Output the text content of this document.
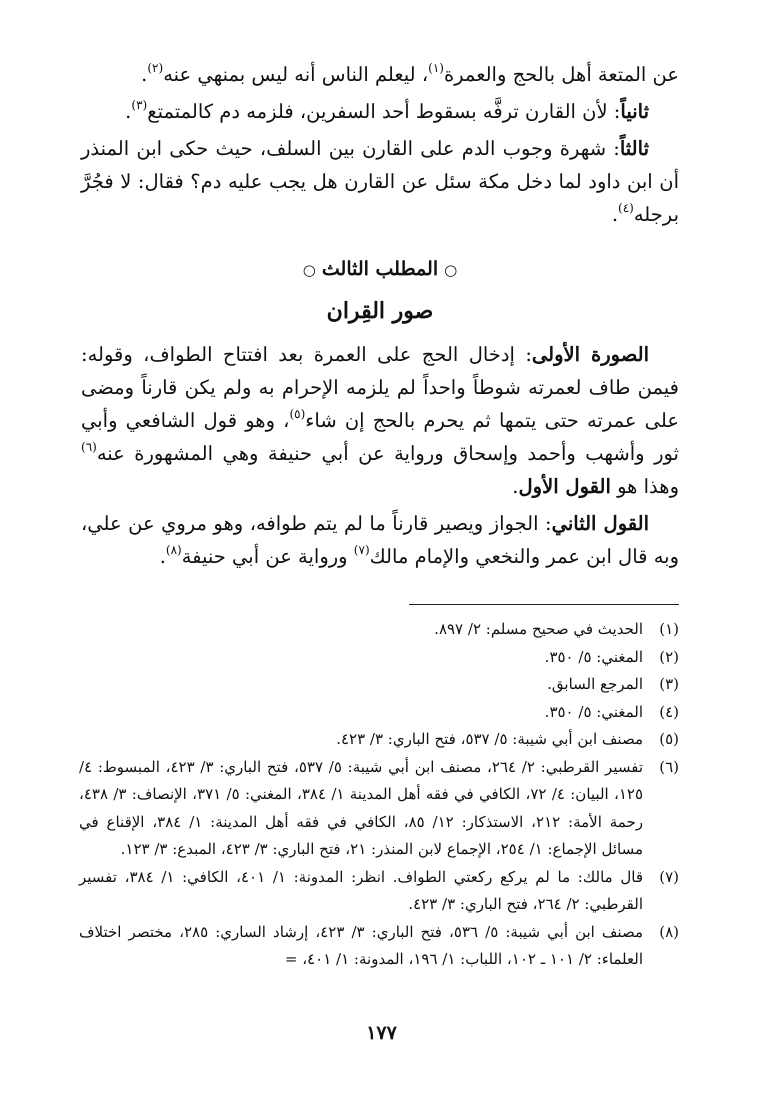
عن المتعة أهل بالحج والعمرة$^{(١)}$، ليعلم الناس أنه ليس بمنهي عنه$^{(٢)}$.

ثانياً: لأن القارن ترفَّه بسقوط أحد السفرين، فلزمه دم كالمتمتع$^{(٣)}$.

ثالثاً: شهرة وجوب الدم على القارن بين السلف، حيث حكى ابن المنذر أن ابن داود لما دخل مكة سئل عن القارن هل يجب عليه دم؟ فقال: لا فجُرَّ برجله$^{(٤)}$.

○المطلب الثالث○
صور القِران

الصورة الأولى: إدخال الحج على العمرة بعد افتتاح الطواف، وقوله: فيمن طاف لعمرته شوطاً واحداً لم يلزمه الإحرام به ولم يكن قارناً ومضى على عمرته حتى يتمها ثم يحرم بالحج إن شاء$^{(٥)}$، وهو قول الشافعي وأبي ثور وأشهب وأحمد وإسحاق ورواية عن أبي حنيفة وهي المشهورة عنه$^{(٦)}$ وهذا هو القول الأول.

القول الثاني: الجواز ويصير قارناً ما لم يتم طوافه، وهو مروي عن علي، وبه قال ابن عمر والنخعي والإمام مالك$^{(٧)}$ ورواية عن أبي حنيفة$^{(٨)}$.

(١)
الحديث في صحيح مسلم: ٢/ ٨٩٧.
(٢)
المغني: ٥/ ٣٥٠.
(٣)
المرجع السابق.
(٤)
المغني: ٥/ ٣٥٠.
(٥)
مصنف ابن أبي شيبة: ٥/ ٥٣٧، فتح الباري: ٣/ ٤٢٣.
(٦)
تفسير القرطبي: ٢/ ٢٦٤، مصنف ابن أبي شيبة: ٥/ ٥٣٧، فتح الباري: ٣/ ٤٢٣، المبسوط: ٤/ ١٢٥، البيان: ٤/ ٧٢، الكافي في فقه أهل المدينة ١/ ٣٨٤، المغني: ٥/ ٣٧١، الإنصاف: ٣/ ٤٣٨، رحمة الأمة: ٢١٢، الاستذكار: ١٢/ ٨٥، الكافي في فقه أهل المدينة: ١/ ٣٨٤، الإقناع في مسائل الإجماع: ١/ ٢٥٤، الإجماع لابن المنذر: ٢١، فتح الباري: ٣/ ٤٢٣، المبدع: ٣/ ١٢٣.
(٧)
قال مالك: ما لم يركع ركعتي الطواف. انظر: المدونة: ١/ ٤٠١، الكافي: ١/ ٣٨٤، تفسير القرطبي: ٢/ ٢٦٤، فتح الباري: ٣/ ٤٢٣.
(٨)
مصنف ابن أبي شيبة: ٥/ ٥٣٦، فتح الباري: ٣/ ٤٢٣، إرشاد الساري: ٢٨٥، مختصر اختلاف العلماء: ٢/ ١٠١ ـ ١٠٢، اللباب: ١/ ١٩٦، المدونة: ١/ ٤٠١، =
١٧٧
